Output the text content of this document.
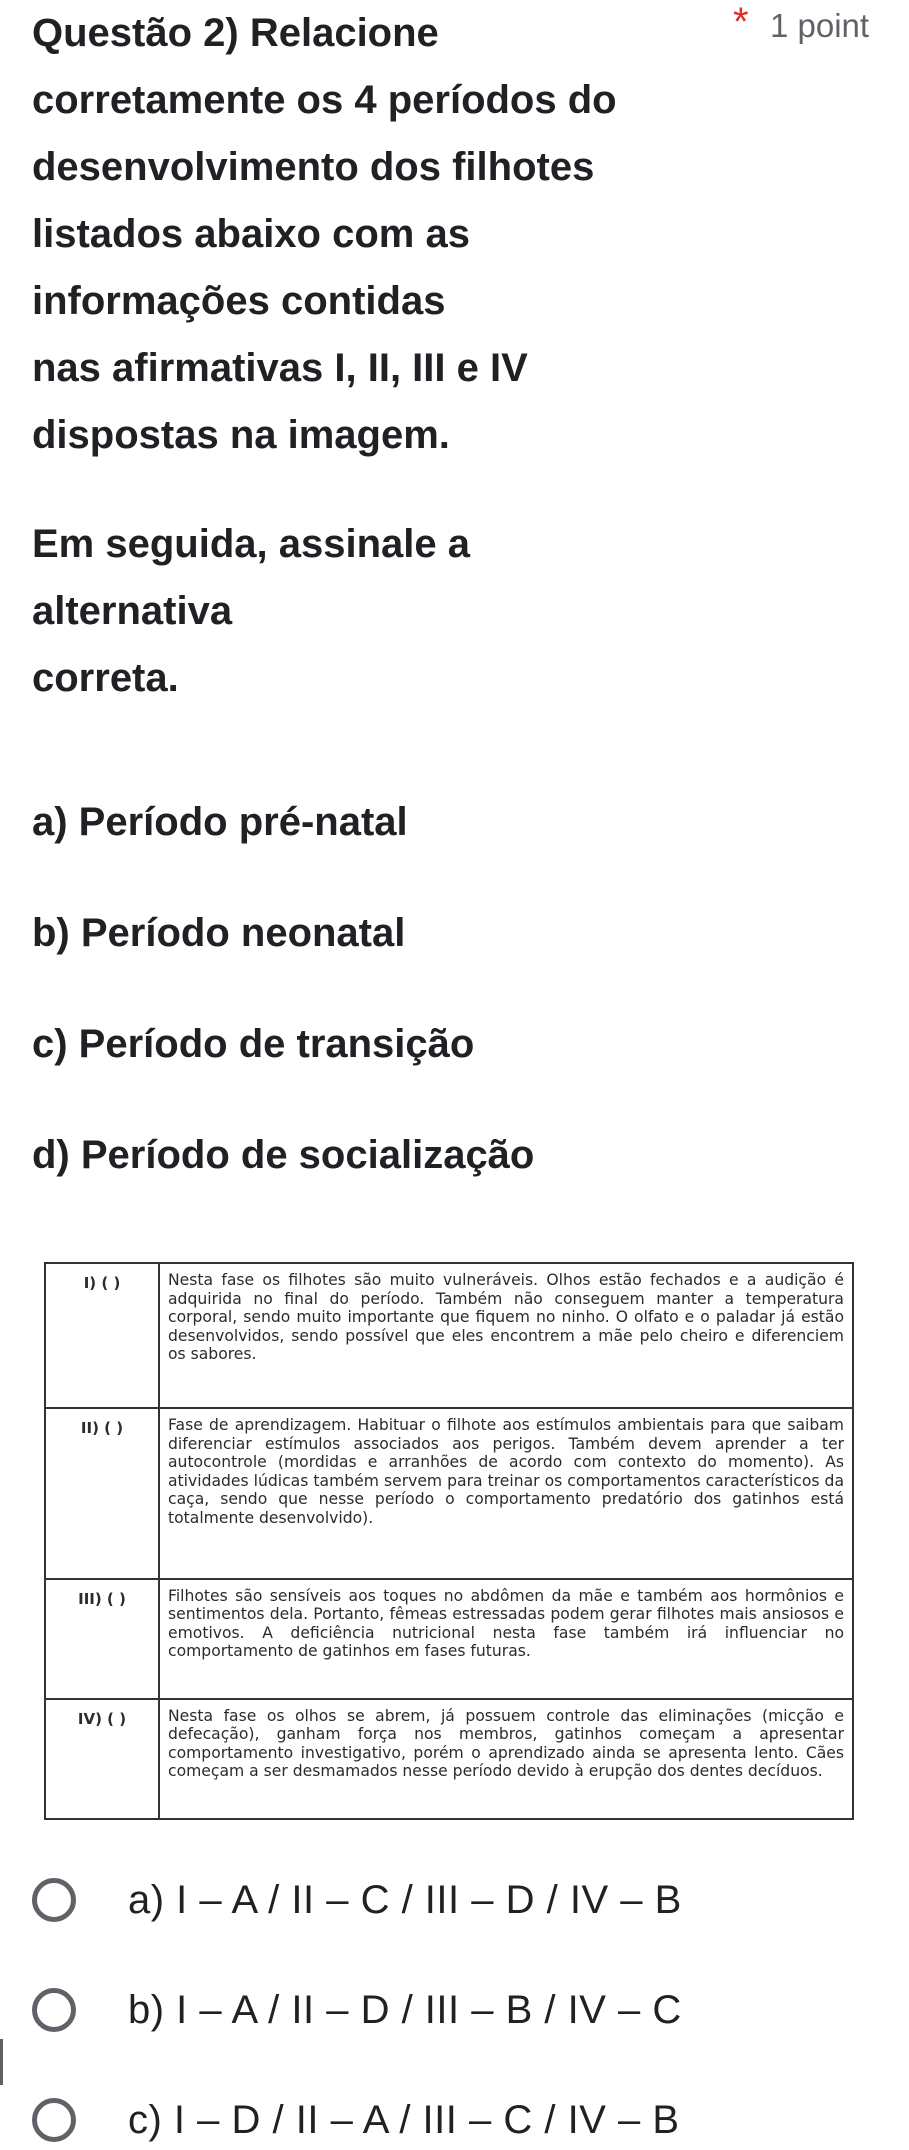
Questão 2) Relacione
corretamente os 4 períodos do
desenvolvimento dos filhotes
listados abaixo com as
informações contidas
nas afirmativas I, II, III e IV
dispostas na imagem.
Em seguida, assinale a alternativa
correta.
* 1 point
a) Período pré-natal
b) Período neonatal
c) Período de transição
d) Período de socialização
I) ( )	Nesta fase os filhotes são muito vulneráveis. Olhos estão fechados e a audição é adquirida no final do período. Também não conseguem manter a temperatura corporal, sendo muito importante que fiquem no ninho. O olfato e o paladar já estão desenvolvidos, sendo possível que eles encontrem a mãe pelo cheiro e diferenciem os sabores.
II) ( )	Fase de aprendizagem. Habituar o filhote aos estímulos ambientais para que saibam diferenciar estímulos associados aos perigos. Também devem aprender a ter autocontrole (mordidas e arranhões de acordo com contexto do momento). As atividades lúdicas também servem para treinar os comportamentos característicos da caça, sendo que nesse período o comportamento predatório dos gatinhos está totalmente desenvolvido).
III) ( )	Filhotes são sensíveis aos toques no abdômen da mãe e também aos hormônios e sentimentos dela. Portanto, fêmeas estressadas podem gerar filhotes mais ansiosos e emotivos. A deficiência nutricional nesta fase também irá influenciar no comportamento de gatinhos em fases futuras.
IV) ( )	Nesta fase os olhos se abrem, já possuem controle das eliminações (micção e defecação), ganham força nos membros, gatinhos começam a apresentar comportamento investigativo, porém o aprendizado ainda se apresenta lento. Cães começam a ser desmamados nesse período devido à erupção dos dentes decíduos.
a) I – A / II – C / III – D / IV – B
b) I – A / II – D / III – B / IV – C
c) I – D / II – A / III – C / IV – B
